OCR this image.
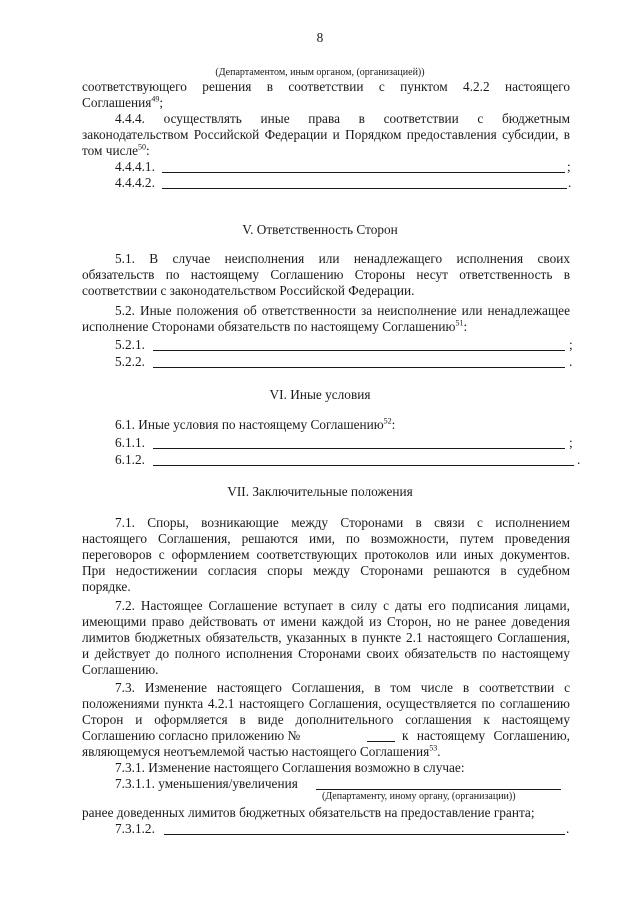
8
(Департаментом, иным органом, (организацией))
соответствующего решения в соответствии с пунктом 4.2.2 настоящего
Соглашения$^{49}$;
4.4.4. осуществлять иные права в соответствии с бюджетным
законодательством Российской Федерации и Порядком предоставления субсидии, в
том числе$^{50}$:
4.4.4.1.	;
4.4.4.2.	.
V. Ответственность Сторон
5.1. В случае неисполнения или ненадлежащего исполнения своих
обязательств по настоящему Соглашению Стороны несут ответственность в
соответствии с законодательством Российской Федерации.
5.2. Иные положения об ответственности за неисполнение или ненадлежащее
исполнение Сторонами обязательств по настоящему Соглашению$^{51}$:
5.2.1.	;
5.2.2.	.
VI. Иные условия
6.1. Иные условия по настоящему Соглашению$^{52}$:
6.1.1.	;
6.1.2.	.
VII. Заключительные положения
7.1. Споры, возникающие между Сторонами в связи с исполнением
настоящего Соглашения, решаются ими, по возможности, путем проведения
переговоров с оформлением соответствующих протоколов или иных документов.
При недостижении согласия споры между Сторонами решаются в судебном
порядке.
7.2. Настоящее Соглашение вступает в силу с даты его подписания лицами,
имеющими право действовать от имени каждой из Сторон, но не ранее доведения
лимитов бюджетных обязательств, указанных в пункте 2.1 настоящего Соглашения,
и действует до полного исполнения Сторонами своих обязательств по настоящему
Соглашению.
7.3. Изменение настоящего Соглашения, в том числе в соответствии с
положениями пункта 4.2.1 настоящего Соглашения, осуществляется по соглашению
Сторон и оформляется в виде дополнительного соглашения к настоящему
Соглашению согласно приложению №	к настоящему Соглашению,
являющемуся неотъемлемой частью настоящего Соглашения$^{53}$.
7.3.1. Изменение настоящего Соглашения возможно в случае:
7.3.1.1. уменьшения/увеличения
(Департаменту, иному органу, (организации))
ранее доведенных лимитов бюджетных обязательств на предоставление гранта;
7.3.1.2.	.
